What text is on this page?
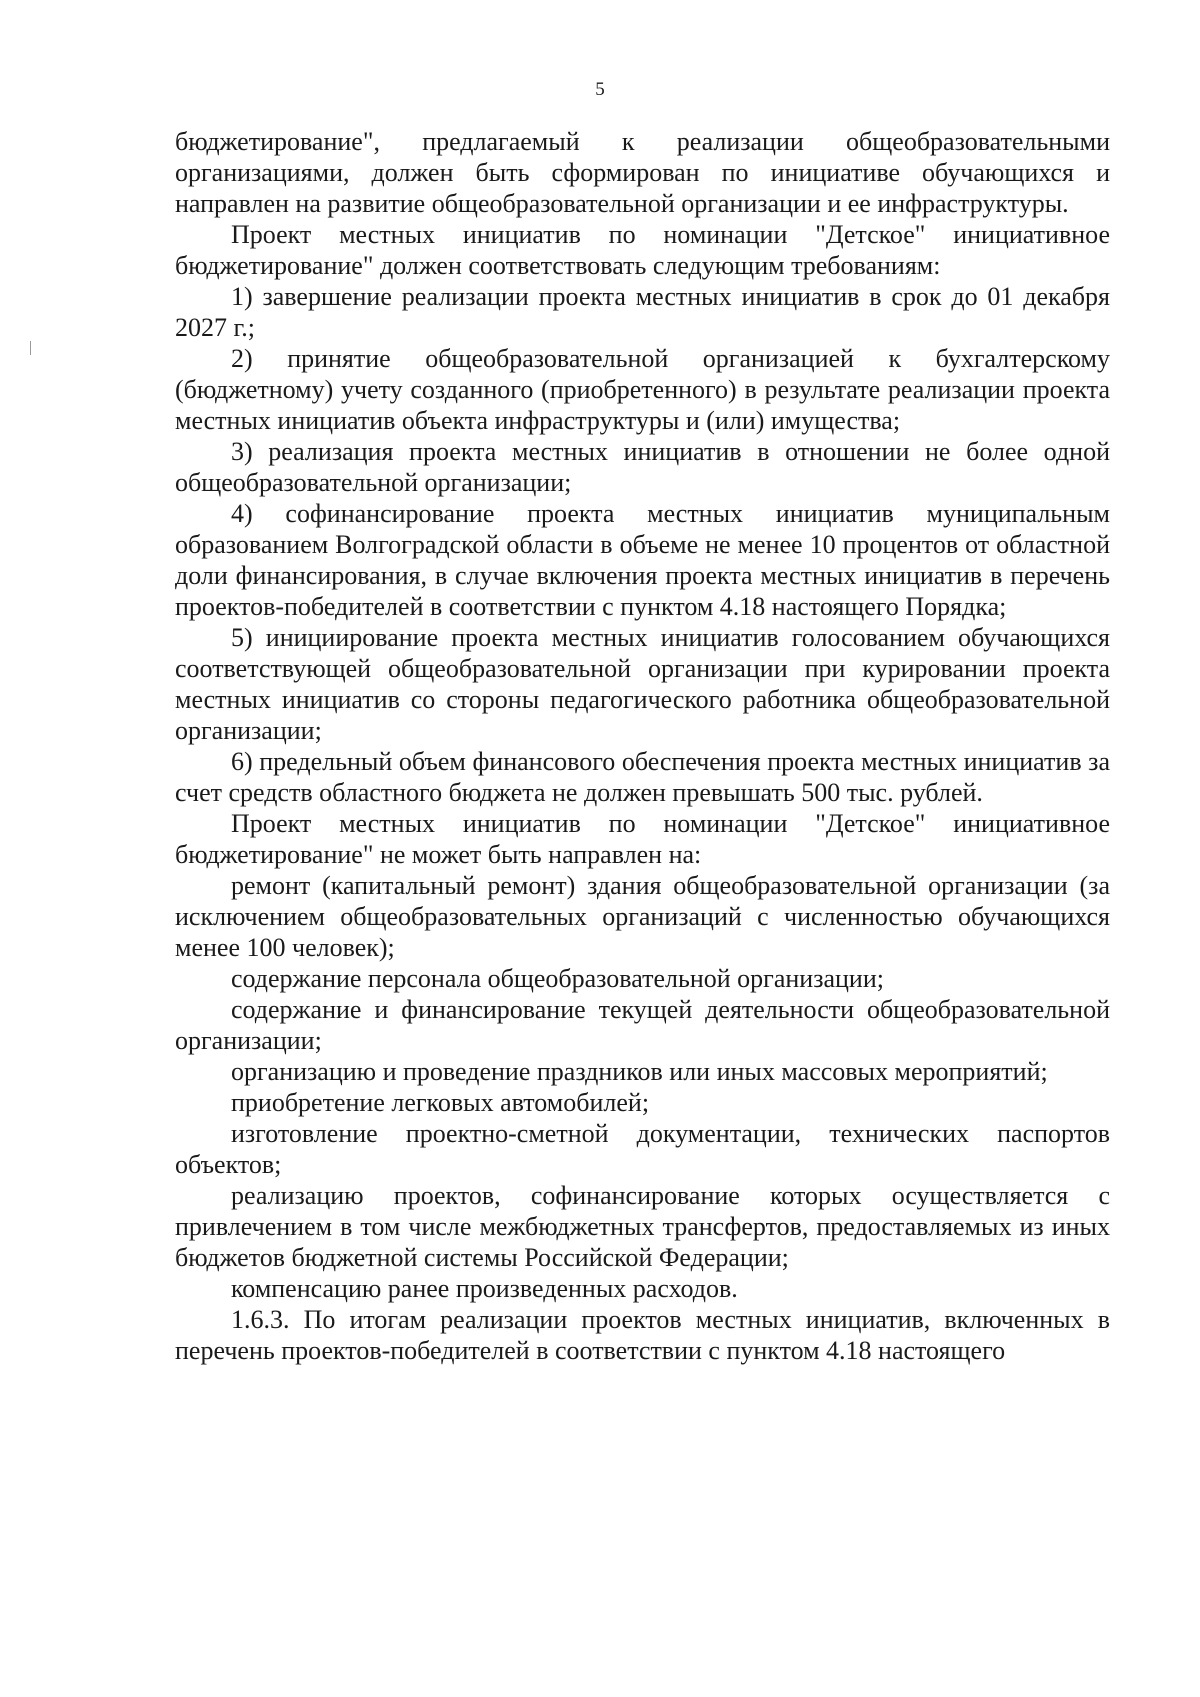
5

бюджетирование", предлагаемый к реализации общеобразовательными организациями, должен быть сформирован по инициативе обучающихся и направлен на развитие общеобразовательной организации и ее инфраструктуры.

Проект местных инициатив по номинации "Детское" инициативное бюджетирование" должен соответствовать следующим требованиям:

1) завершение реализации проекта местных инициатив в срок до 01 декабря 2027 г.;

2) принятие общеобразовательной организацией к бухгалтерскому (бюджетному) учету созданного (приобретенного) в результате реализации проекта местных инициатив объекта инфраструктуры и (или) имущества;

3) реализация проекта местных инициатив в отношении не более одной общеобразовательной организации;

4) софинансирование проекта местных инициатив муниципальным образованием Волгоградской области в объеме не менее 10 процентов от областной доли финансирования, в случае включения проекта местных инициатив в перечень проектов-победителей в соответствии с пунктом 4.18 настоящего Порядка;

5) инициирование проекта местных инициатив голосованием обучающихся соответствующей общеобразовательной организации при курировании проекта местных инициатив со стороны педагогического работника общеобразовательной организации;

6) предельный объем финансового обеспечения проекта местных инициатив за счет средств областного бюджета не должен превышать 500 тыс. рублей.

Проект местных инициатив по номинации "Детское" инициативное бюджетирование" не может быть направлен на:

ремонт (капитальный ремонт) здания общеобразовательной организации (за исключением общеобразовательных организаций с численностью обучающихся менее 100 человек);

содержание персонала общеобразовательной организации;

содержание и финансирование текущей деятельности общеобразовательной организации;

организацию и проведение праздников или иных массовых мероприятий;

приобретение легковых автомобилей;

изготовление проектно-сметной документации, технических паспортов объектов;

реализацию проектов, софинансирование которых осуществляется с привлечением в том числе межбюджетных трансфертов, предоставляемых из иных бюджетов бюджетной системы Российской Федерации;

компенсацию ранее произведенных расходов.

1.6.3. По итогам реализации проектов местных инициатив, включенных в перечень проектов-победителей в соответствии с пунктом 4.18 настоящего
